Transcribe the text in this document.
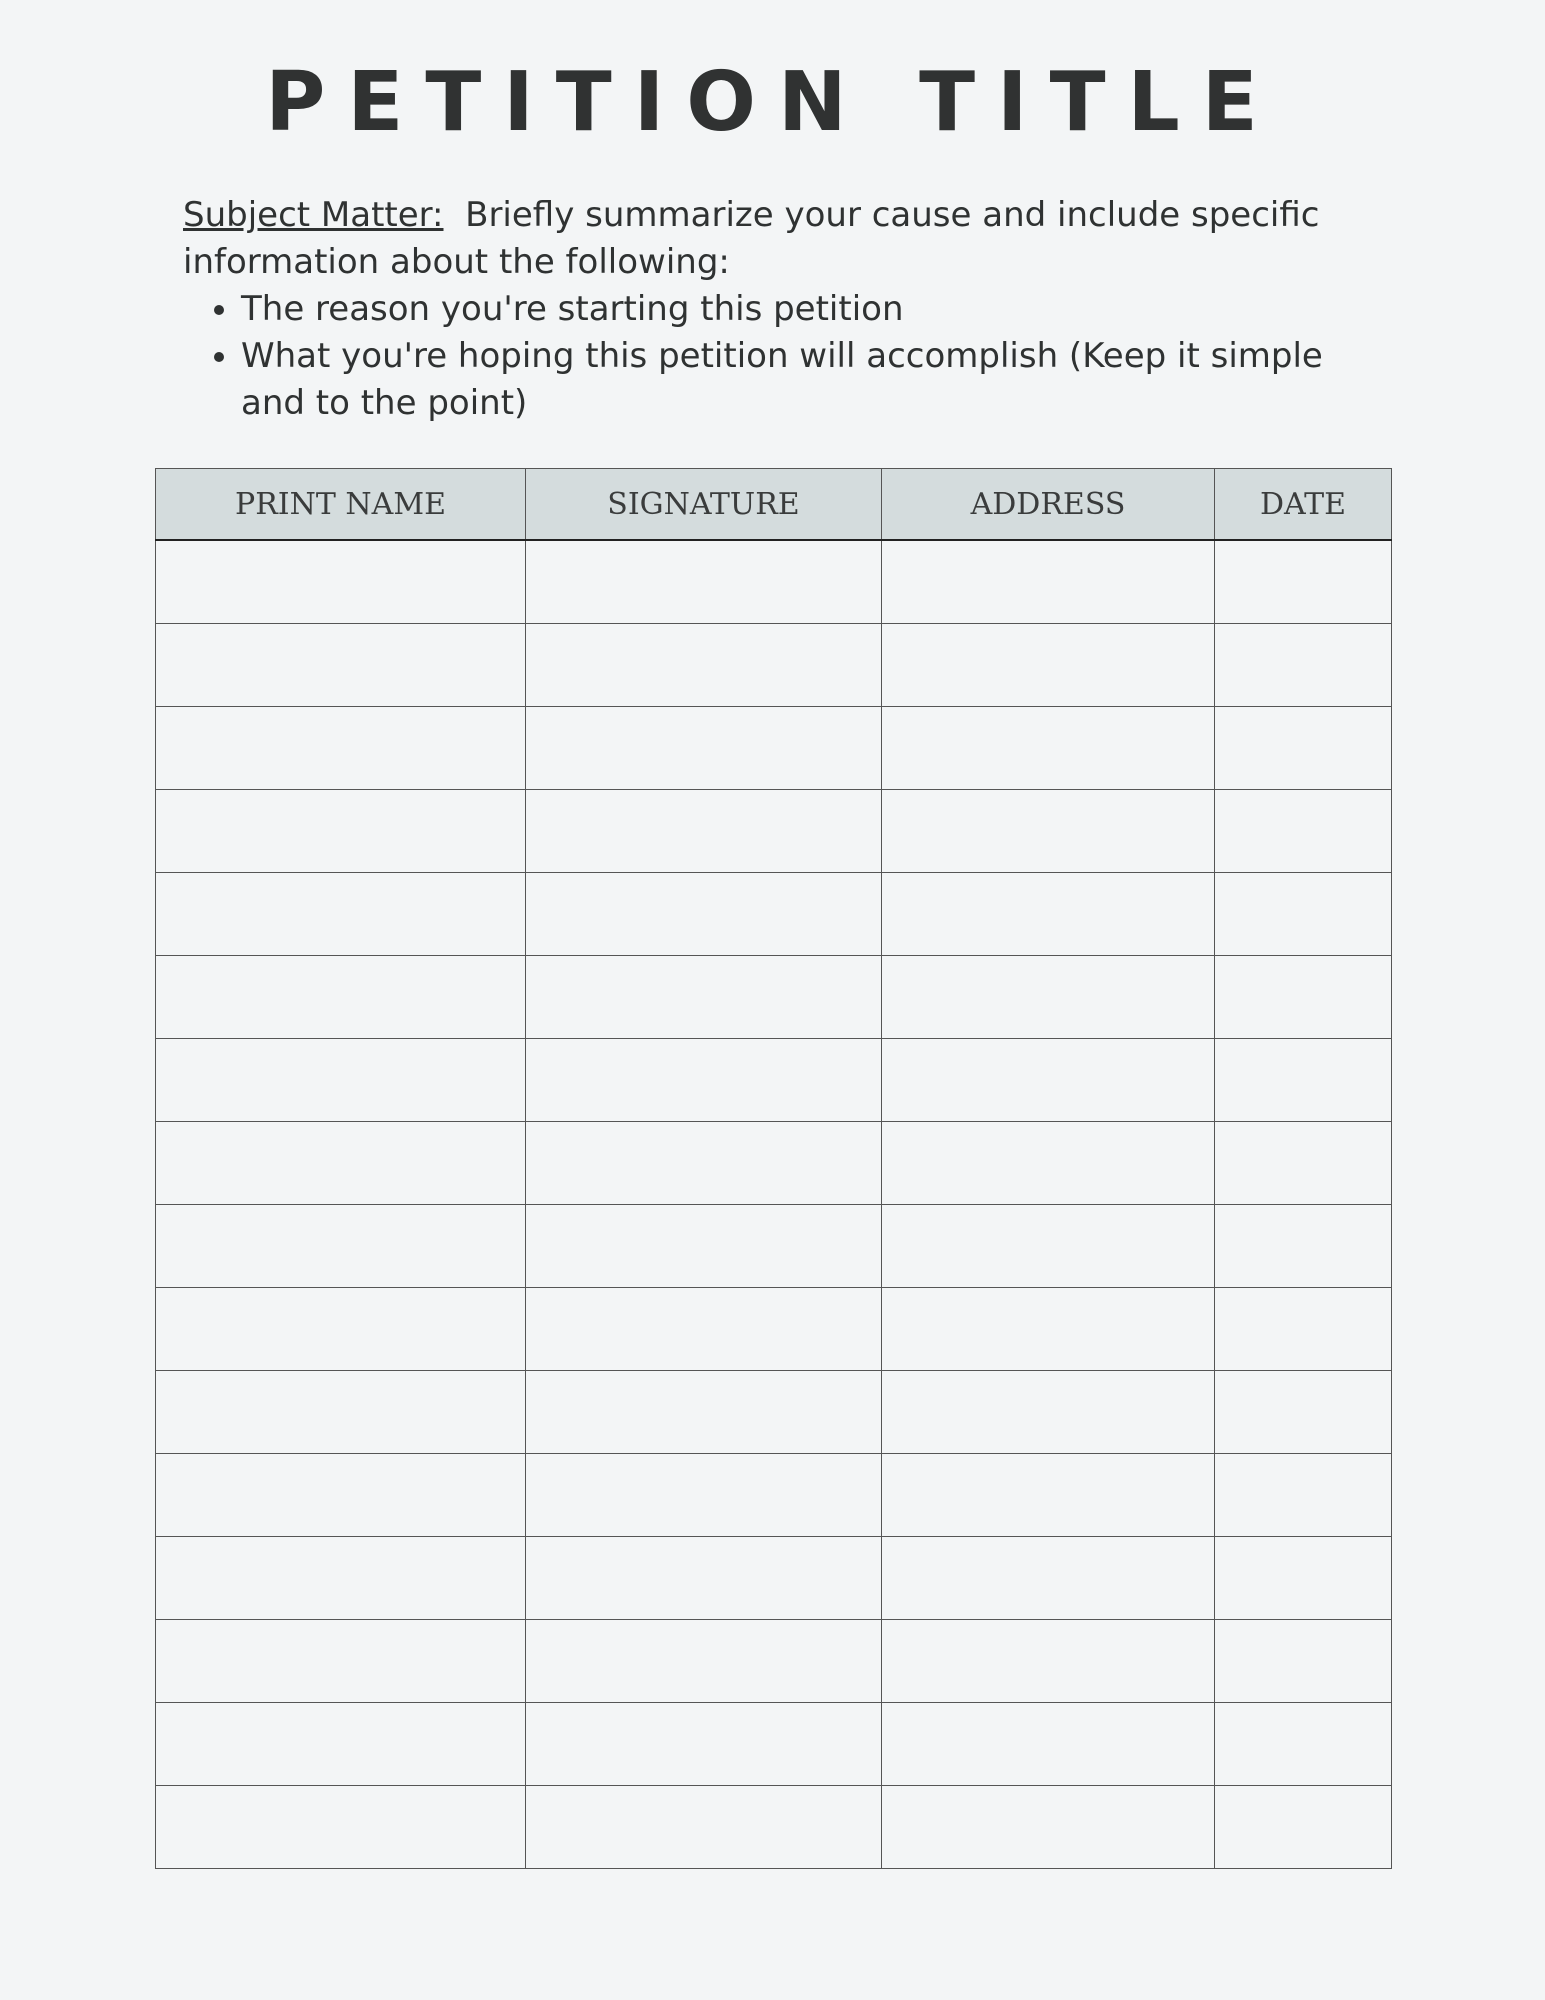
PETITION TITLE

Subject Matter: Briefly summarize your cause and include specific information about the following:

• The reason you're starting this petition
• What you're hoping this petition will accomplish (Keep it simple and to the point)
PRINT NAME	SIGNATURE	ADDRESS	DATE
